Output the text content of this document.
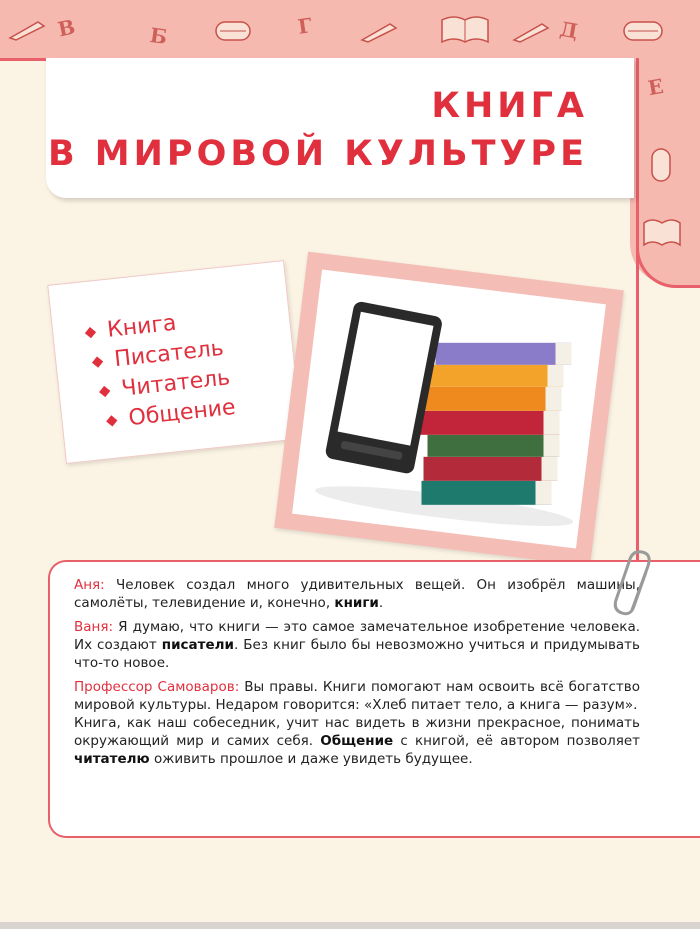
В	Б	Г	Д
Е
КНИГА
В МИРОВОЙ КУЛЬТУРЕ
Книга
Писатель
Читатель
Общение

Аня: Человек создал много удивительных вещей. Он изобрёл машины, самолёты, телевидение и, конечно, книги.

Ваня: Я думаю, что книги — это самое замечательное изобретение человека. Их создают писатели. Без книг было бы невозможно учиться и придумывать что-то новое.

Профессор Самоваров: Вы правы. Книги помогают нам освоить всё богатство мировой культуры. Недаром говорится: «Хлеб питает тело, а книга — разум».

Книга, как наш собеседник, учит нас видеть в жизни прекрасное, понимать окружающий мир и самих себя. Общение с книгой, её автором позволяет читателю оживить прошлое и даже увидеть будущее.
